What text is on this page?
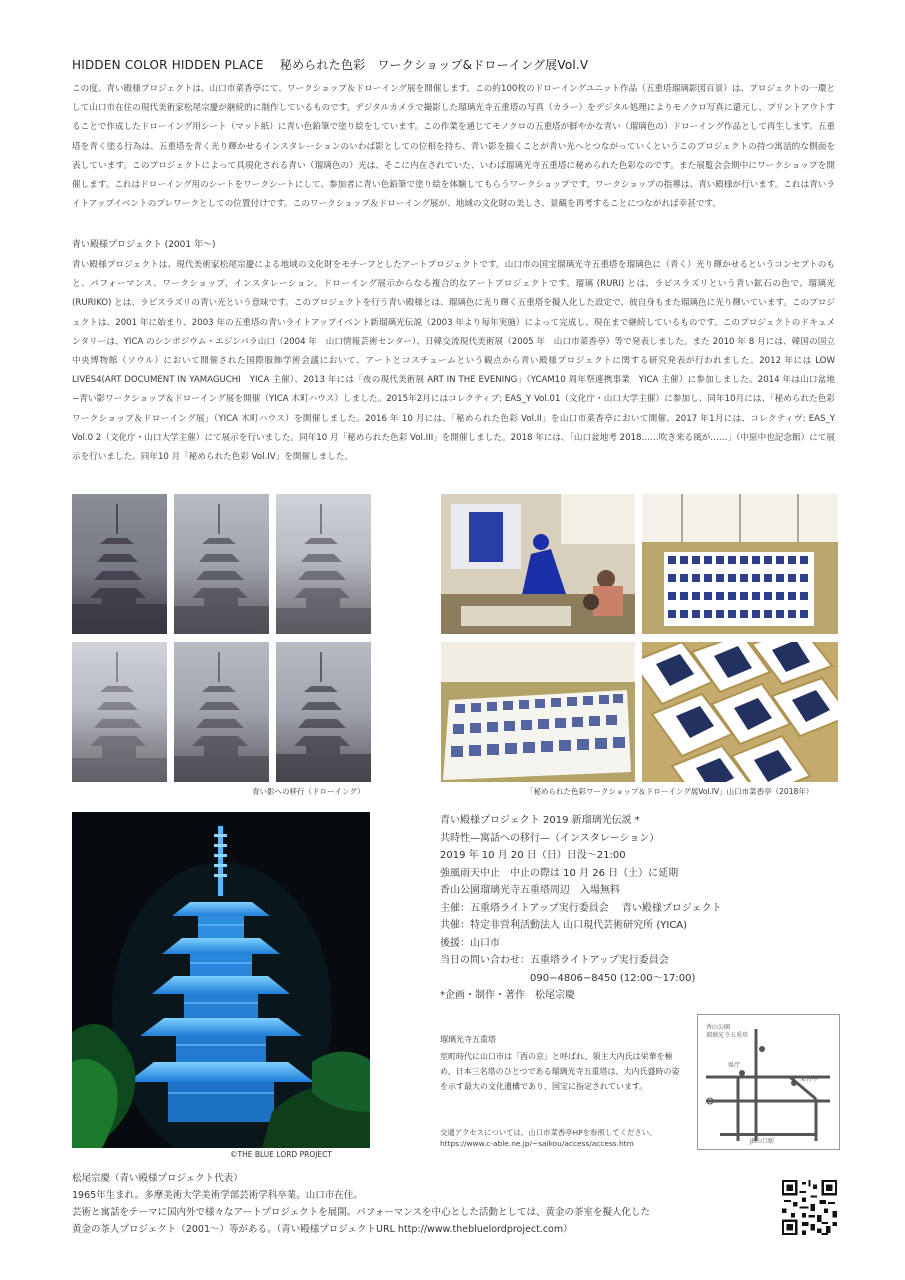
HIDDEN COLOR HIDDEN PLACE　 秘められた色彩　ワークショップ&ドローイング展Vol.V

この度、青い殿様プロジェクトは、山口市菜香亭にて、ワークショップ＆ドローイング展を開催します。この約100枚のドローイングユニット作品（五重塔瑠璃影図百景）は、プロジェクトの一環として山口市在住の現代美術家松尾宗慶が継続的に制作しているものです。デジタルカメラで撮影した瑠璃光寺五重塔の写真（カラー）をデジタル処理によりモノクロ写真に還元し、プリントアウトすることで作成したドローイング用シート（マット紙）に青い色鉛筆で塗り絵をしています。この作業を通じてモノクロの五重塔が鮮やかな青い（瑠璃色の）ドローイング作品として再生します。五重塔を青く塗る行為は、五重塔を青く光り輝かせるインスタレーションのいわば影としての位相を持ち、青い影を描くことが青い光へとつながっていくというこのプロジェクトの持つ寓話的な側面を表しています。このプロジェクトによって具現化される青い（瑠璃色の）光は、そこに内在されていた、いわば瑠璃光寺五重塔に秘められた色彩なのです。また展覧会会期中にワークショップを開催します。これはドローイング用のシートをワークシートにして、参加者に青い色鉛筆で塗り絵を体験してもらうワークショップです。ワークショップの指導は、青い殿様が行います。これは青いライトアップイベントのプレワークとしての位置付けです。このワークショップ＆ドローイング展が、地域の文化財の美しさ、景観を再考することにつながれば幸甚です。

青い殿様プロジェクト (2001 年〜)

青い殿様プロジェクトは、現代美術家松尾宗慶による地域の文化財をモチーフとしたアートプロジェクトです。山口市の国宝瑠璃光寺五重塔を瑠璃色に（青く）光り輝かせるというコンセプトのもと、パフォーマンス、ワークショップ、インスタレーション、ドローイング展示からなる複合的なアートプロジェクトです。瑠璃 (RURI) とは、ラピスラズリという青い鉱石の色で、瑠璃光 (RURIKO) とは、ラピスラズリの青い光という意味です。このプロジェクトを行う青い殿様とは、瑠璃色に光り輝く五重塔を擬人化した設定で、彼自身もまた瑠璃色に光り輝いています。このプロジェクトは、2001 年に始まり、2003 年の五重塔の青いライトアップイベント新瑠璃光伝説（2003 年より毎年実施）によって完成し、現在まで継続しているものです。このプロジェクトのドキュメンタリーは、YICA のシンポジウム・エジンバラ山口（2004 年　山口情報芸術センター）、日韓交流現代美術展（2005 年　山口市菜香亭）等で発表しました。また 2010 年 8 月には、韓国の国立中央博物館（ソウル）において開催された国際服飾学術会議において、アートとコスチュームという観点から青い殿様プロジェクトに関する研究発表が行われました。2012 年には LOW LIVES4(ART DOCUMENT IN YAMAGUCHI　YICA 主催）、2013 年には「夜の現代美術展 ART IN THE EVENING」（YCAM10 周年祭連携事業　YICA 主催）に参加しました。2014 年は山口盆地−青い影ワークショップ＆ドローイング展を開催（YICA 木町ハウス）しました。2015年2月にはコレクティブ: EAS_Y Vol.01（文化庁・山口大学主催）に参加し、同年10月には、「秘められた色彩ワークショップ＆ドローイング展」（YICA 木町ハウス）を開催しました。2016 年 10 月には、「秘められた色彩 Vol.II」を山口市菜香亭において開催、2017 年1月には、コレクティヴ: EAS_Y Vol.0 2（文化庁・山口大学主催）にて展示を行いました。同年10 月「秘められた色彩 Vol.III」を開催しました。2018 年には、「山口盆地考 2018……吹き来る風が……」（中原中也記念館）にて展示を行いました。同年10 月「秘められた色彩 Vol.IV」を開催しました。

青い影への移行（ドローイング）	「秘められた色彩ワークショップ＆ドローイング展Vol.IV」山口市菜香亭（2018年）
©THE BLUE LORD PROJECT
青い殿様プロジェクト 2019 新瑠璃光伝説 *
共時性—寓話への移行—（インスタレーション）
2019 年 10 月 20 日（日）日没〜21:00
強風雨天中止　中止の際は 10 月 26 日（土）に延期
香山公園瑠璃光寺五重塔周辺　入場無料
主催：五重塔ライトアップ実行委員会　 青い殿様プロジェクト
共催：特定非営利活動法人 山口現代芸術研究所 (YICA)
後援：山口市
当日の問い合わせ：五重塔ライトアップ実行委員会
　　　　　　　　　090−4806−8450 (12:00〜17:00)
*企画・制作・著作　松尾宗慶
瑠璃光寺五重塔
室町時代に山口市は「西の京」と呼ばれ、領主大内氏は栄華を極め、日本三名塔のひとつである瑠璃光寺五重塔は、大内氏盛時の姿を示す最大の文化遺構であり、国宝に指定されています。
交通アクセスについては、山口市菜香亭HPを参照してください。
https://www.c-able.ne.jp/~saikou/access/access.htm
香山公園
瑠璃光寺五重塔
県庁
菜香亭
JR山口駅
松尾宗慶（青い殿様プロジェクト代表）
1965年生まれ。多摩美術大学美術学部芸術学科卒業。山口市在住。
芸術と寓話をテーマに国内外で様々なアートプロジェクトを展開。パフォーマンスを中心とした活動としては、黄金の茶室を擬人化した
黄金の茶人プロジェクト（2001〜）等がある。（青い殿様プロジェクトURL http://www.thebluelordproject.com）
